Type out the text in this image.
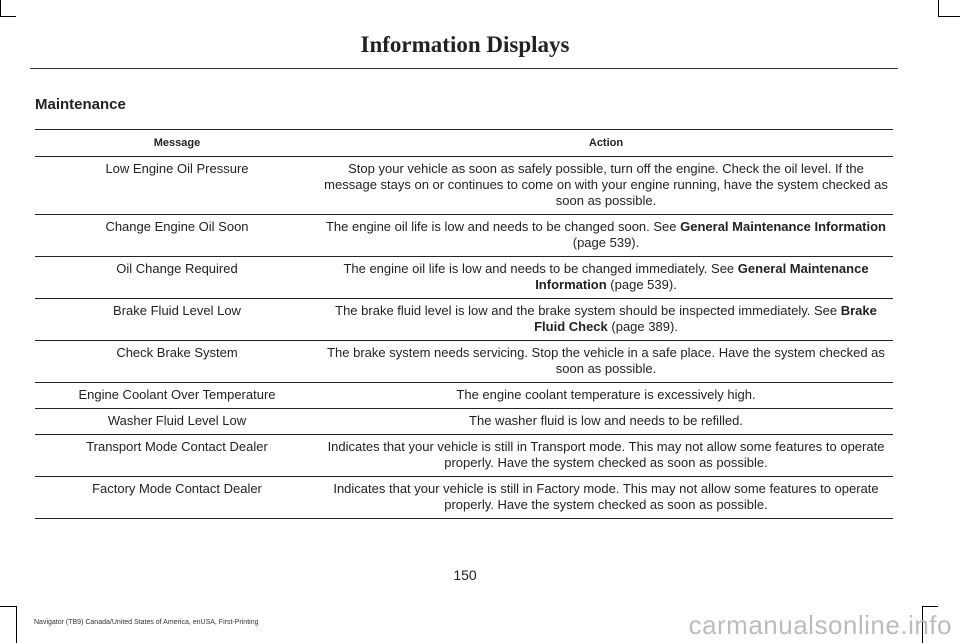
Information Displays
Maintenance
Message	Action
Low Engine Oil Pressure	Stop your vehicle as soon as safely possible, turn off the engine. Check the oil level. If the message stays on or continues to come on with your engine running, have the system checked as soon as possible.
Change Engine Oil Soon	The engine oil life is low and needs to be changed soon. See General Maintenance Information (page 539).
Oil Change Required	The engine oil life is low and needs to be changed immediately. See General Maintenance Information (page 539).
Brake Fluid Level Low	The brake fluid level is low and the brake system should be inspected immediately. See Brake Fluid Check (page 389).
Check Brake System	The brake system needs servicing. Stop the vehicle in a safe place. Have the system checked as soon as possible.
Engine Coolant Over Temperature	The engine coolant temperature is excessively high.
Washer Fluid Level Low	The washer fluid is low and needs to be refilled.
Transport Mode Contact Dealer	Indicates that your vehicle is still in Transport mode. This may not allow some features to operate properly. Have the system checked as soon as possible.
Factory Mode Contact Dealer	Indicates that your vehicle is still in Factory mode. This may not allow some features to operate properly. Have the system checked as soon as possible.
150
Navigator (TB9) Canada/United States of America, enUSA, First-Printing	carmanualsonline.info
